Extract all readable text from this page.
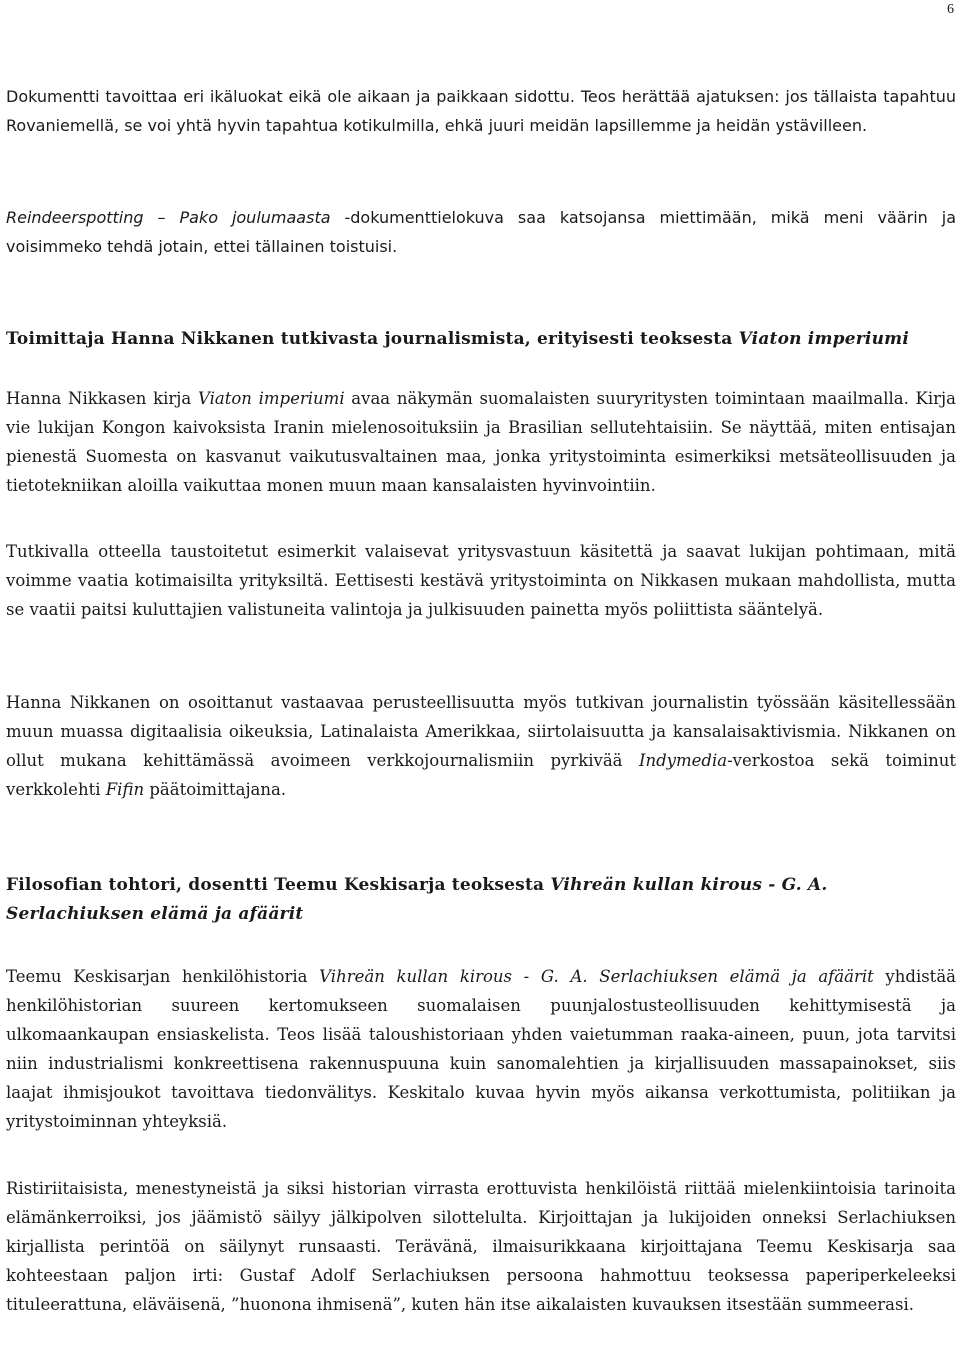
6

Dokumentti tavoittaa eri ikäluokat eikä ole aikaan ja paikkaan sidottu. Teos herättää ajatuksen: jos tällaista tapahtuu Rovaniemellä, se voi yhtä hyvin tapahtua kotikulmilla, ehkä juuri meidän lapsillemme ja heidän ystävilleen.

Reindeerspotting – Pako joulumaasta -dokumenttielokuva saa katsojansa miettimään, mikä meni väärin ja voisimmeko tehdä jotain, ettei tällainen toistuisi.

Toimittaja Hanna Nikkanen tutkivasta journalismista, erityisesti teoksesta Viaton imperiumi

Hanna Nikkasen kirja Viaton imperiumi avaa näkymän suomalaisten suuryritysten toimintaan maailmalla. Kirja vie lukijan Kongon kaivoksista Iranin mielenosoituksiin ja Brasilian sellutehtaisiin. Se näyttää, miten entisajan pienestä Suomesta on kasvanut vaikutusvaltainen maa, jonka yritystoiminta esimerkiksi metsäteollisuuden ja tietotekniikan aloilla vaikuttaa monen muun maan kansalaisten hyvinvointiin.

Tutkivalla otteella taustoitetut esimerkit valaisevat yritysvastuun käsitettä ja saavat lukijan pohtimaan, mitä voimme vaatia kotimaisilta yrityksiltä. Eettisesti kestävä yritystoiminta on Nikkasen mukaan mahdollista, mutta se vaatii paitsi kuluttajien valistuneita valintoja ja julkisuuden painetta myös poliittista sääntelyä.

Hanna Nikkanen on osoittanut vastaavaa perusteellisuutta myös tutkivan journalistin työssään käsitellessään muun muassa digitaalisia oikeuksia, Latinalaista Amerikkaa, siirtolaisuutta ja kansalaisaktivismia. Nikkanen on ollut mukana kehittämässä avoimeen verkkojournalismiin pyrkivää Indymedia-verkostoa sekä toiminut verkkolehti Fifin päätoimittajana.

Filosofian tohtori, dosentti Teemu Keskisarja teoksesta Vihreän kullan kirous - G. A. Serlachiuksen elämä ja afäärit

Teemu Keskisarjan henkilöhistoria Vihreän kullan kirous - G. A. Serlachiuksen elämä ja afäärit yhdistää henkilöhistorian suureen kertomukseen suomalaisen puunjalostusteollisuuden kehittymisestä ja ulkomaankaupan ensiaskelista. Teos lisää taloushistoriaan yhden vaietumman raaka-aineen, puun, jota tarvitsi niin industrialismi konkreettisena rakennuspuuna kuin sanomalehtien ja kirjallisuuden massapainokset, siis laajat ihmisjoukot tavoittava tiedonvälitys. Keskitalo kuvaa hyvin myös aikansa verkottumista, politiikan ja yritystoiminnan yhteyksiä.

Ristiriitaisista, menestyneistä ja siksi historian virrasta erottuvista henkilöistä riittää mielenkiintoisia tarinoita elämänkerroiksi, jos jäämistö säilyy jälkipolven silottelulta. Kirjoittajan ja lukijoiden onneksi Serlachiuksen kirjallista perintöä on säilynyt runsaasti. Terävänä, ilmaisurikkaana kirjoittajana Teemu Keskisarja saa kohteestaan paljon irti: Gustaf Adolf Serlachiuksen persoona hahmottuu teoksessa paperiperkeleeksi tituleerattuna, eläväisenä, ”huonona ihmisenä”, kuten hän itse aikalaisten kuvauksen itsestään summeerasi.
